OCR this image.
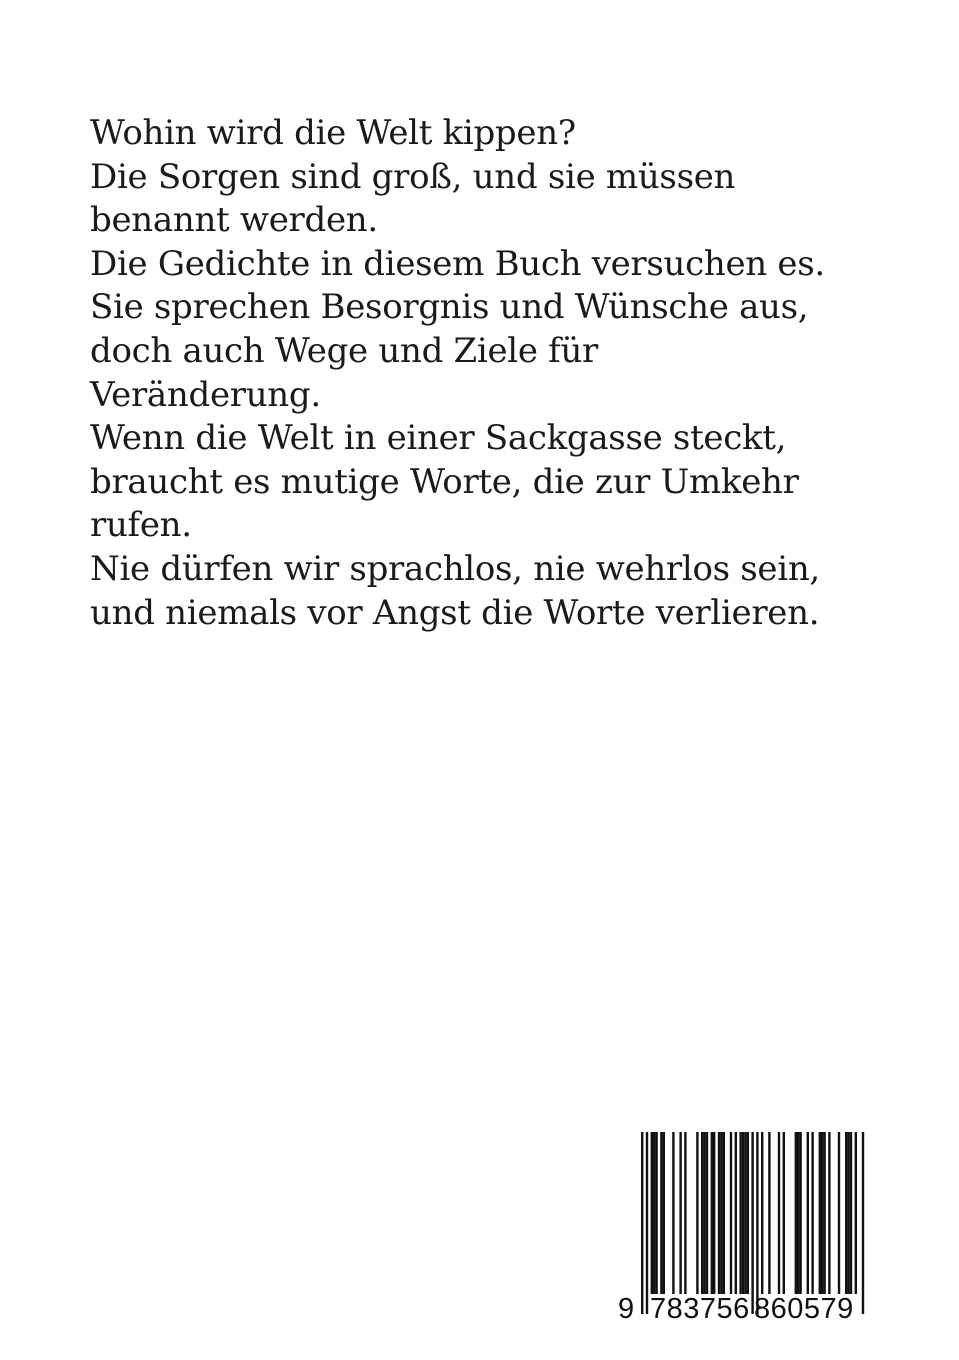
Wohin wird die Welt kippen?
Die Sorgen sind groß, und sie müssen
benannt werden.
Die Gedichte in diesem Buch versuchen es.
Sie sprechen Besorgnis und Wünsche aus,
doch auch Wege und Ziele für
Veränderung.
Wenn die Welt in einer Sackgasse steckt,
braucht es mutige Worte, die zur Umkehr
rufen.
Nie dürfen wir sprachlos, nie wehrlos sein,
und niemals vor Angst die Worte verlieren.
9 783756 860579
